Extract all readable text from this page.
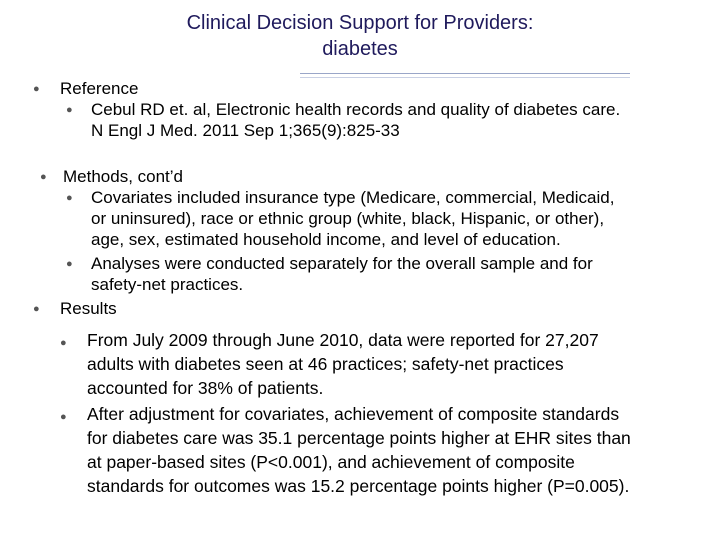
Clinical Decision Support for Providers:
diabetes
● Reference
● Cebul RD et. al, Electronic health records and quality of diabetes care.
N Engl J Med. 2011 Sep 1;365(9):825-33
● Methods, cont’d
● Covariates included insurance type (Medicare, commercial, Medicaid,
or uninsured), race or ethnic group (white, black, Hispanic, or other),
age, sex, estimated household income, and level of education.
● Analyses were conducted separately for the overall sample and for
safety-net practices.
● Results
● From July 2009 through June 2010, data were reported for 27,207
adults with diabetes seen at 46 practices; safety-net practices
accounted for 38% of patients.
● After adjustment for covariates, achievement of composite standards
for diabetes care was 35.1 percentage points higher at EHR sites than
at paper-based sites (P<0.001), and achievement of composite
standards for outcomes was 15.2 percentage points higher (P=0.005).
